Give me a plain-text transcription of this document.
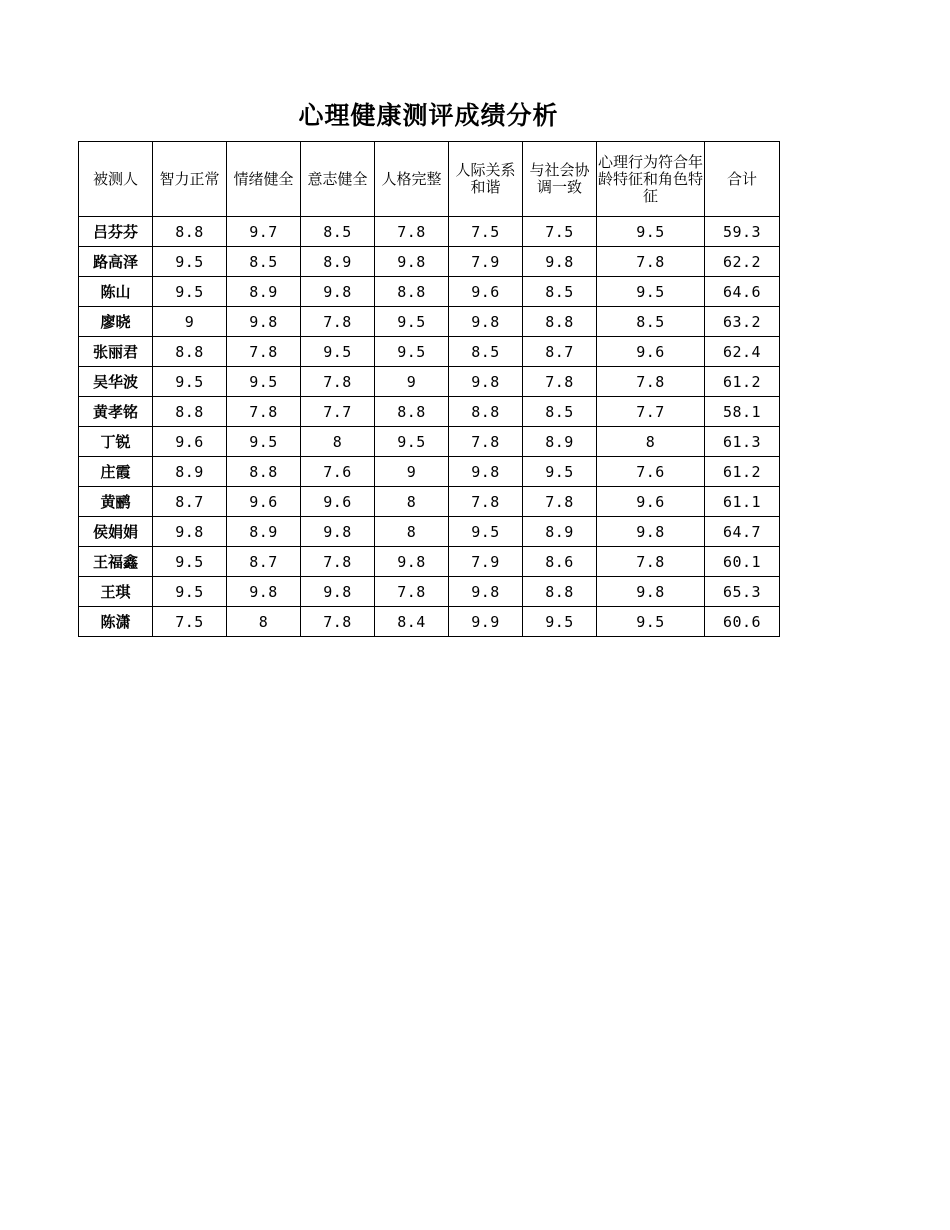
心理健康测评成绩分析
被测人	智力正常	情绪健全	意志健全	人格完整	人际关系和谐	与社会协调一致	心理行为符合年龄特征和角色特征	合计
吕芬芬	8.8	9.7	8.5	7.8	7.5	7.5	9.5	59.3
路高泽	9.5	8.5	8.9	9.8	7.9	9.8	7.8	62.2
陈山	9.5	8.9	9.8	8.8	9.6	8.5	9.5	64.6
廖晓	9	9.8	7.8	9.5	9.8	8.8	8.5	63.2
张丽君	8.8	7.8	9.5	9.5	8.5	8.7	9.6	62.4
吴华波	9.5	9.5	7.8	9	9.8	7.8	7.8	61.2
黄孝铭	8.8	7.8	7.7	8.8	8.8	8.5	7.7	58.1
丁锐	9.6	9.5	8	9.5	7.8	8.9	8	61.3
庄霞	8.9	8.8	7.6	9	9.8	9.5	7.6	61.2
黄鹂	8.7	9.6	9.6	8	7.8	7.8	9.6	61.1
侯娟娟	9.8	8.9	9.8	8	9.5	8.9	9.8	64.7
王福鑫	9.5	8.7	7.8	9.8	7.9	8.6	7.8	60.1
王琪	9.5	9.8	9.8	7.8	9.8	8.8	9.8	65.3
陈潇	7.5	8	7.8	8.4	9.9	9.5	9.5	60.6
